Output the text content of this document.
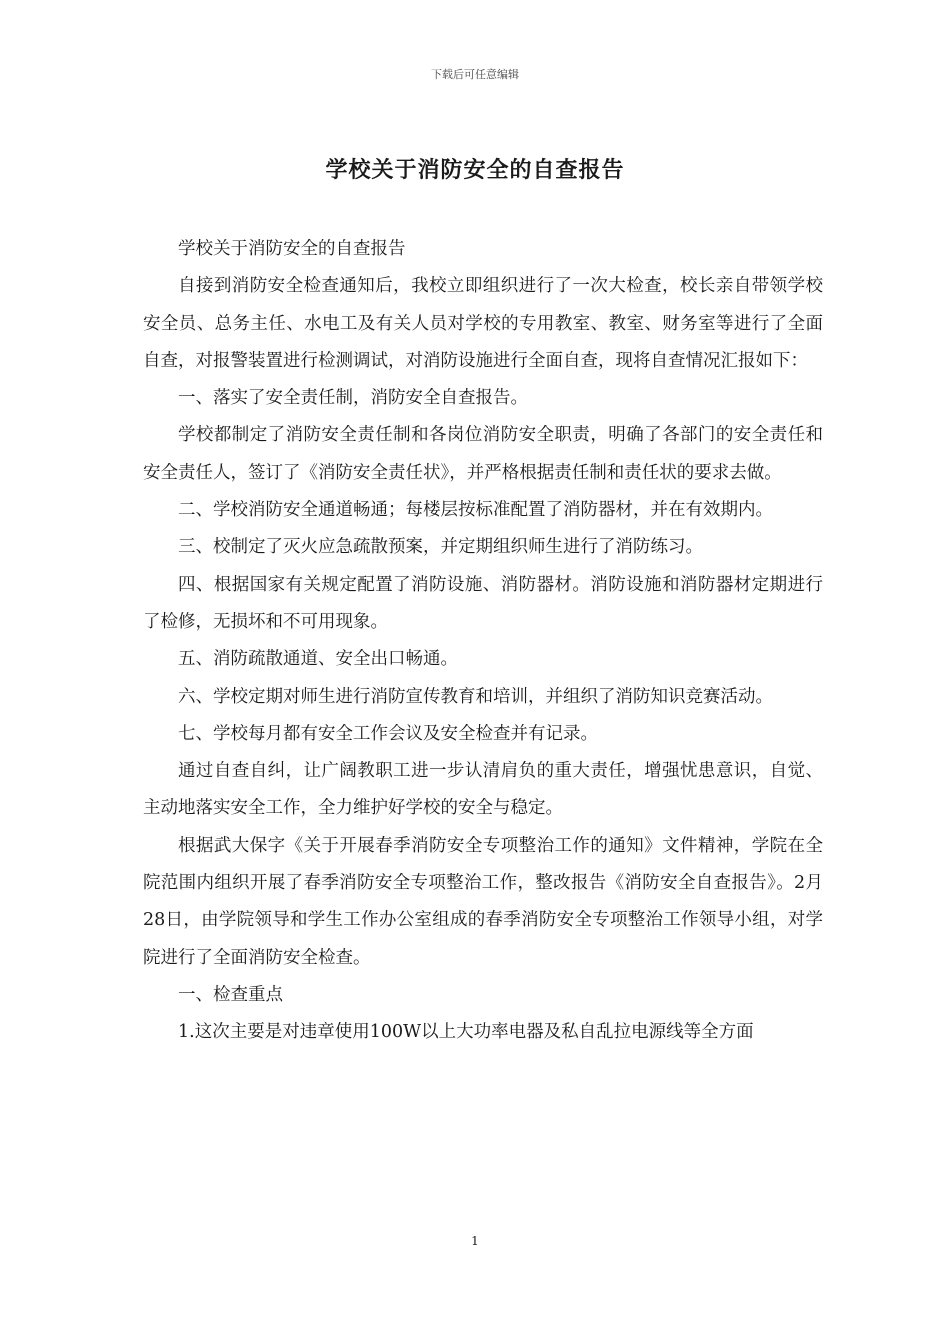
下载后可任意编辑
学校关于消防安全的自查报告

学校关于消防安全的自查报告

自接到消防安全检查通知后，我校立即组织进行了一次大检查，校长亲自带领学校安全员、总务主任、水电工及有关人员对学校的专用教室、教室、财务室等进行了全面自查，对报警装置进行检测调试，对消防设施进行全面自查，现将自查情况汇报如下：

一、落实了安全责任制，消防安全自查报告。

学校都制定了消防安全责任制和各岗位消防安全职责，明确了各部门的安全责任和安全责任人，签订了《消防安全责任状》，并严格根据责任制和责任状的要求去做。

二、学校消防安全通道畅通；每楼层按标准配置了消防器材，并在有效期内。

三、校制定了灭火应急疏散预案，并定期组织师生进行了消防练习。

四、根据国家有关规定配置了消防设施、消防器材。消防设施和消防器材定期进行了检修，无损坏和不可用现象。

五、消防疏散通道、安全出口畅通。

六、学校定期对师生进行消防宣传教育和培训，并组织了消防知识竞赛活动。

七、学校每月都有安全工作会议及安全检查并有记录。

通过自查自纠，让广阔教职工进一步认清肩负的重大责任，增强忧患意识，自觉、主动地落实安全工作，全力维护好学校的安全与稳定。

根据武大保字《关于开展春季消防安全专项整治工作的通知》文件精神，学院在全院范围内组织开展了春季消防安全专项整治工作，整改报告《消防安全自查报告》。2月28日，由学院领导和学生工作办公室组成的春季消防安全专项整治工作领导小组，对学院进行了全面消防安全检查。

一、检查重点

1.这次主要是对违章使用100W以上大功率电器及私自乱拉电源线等全方面

1
